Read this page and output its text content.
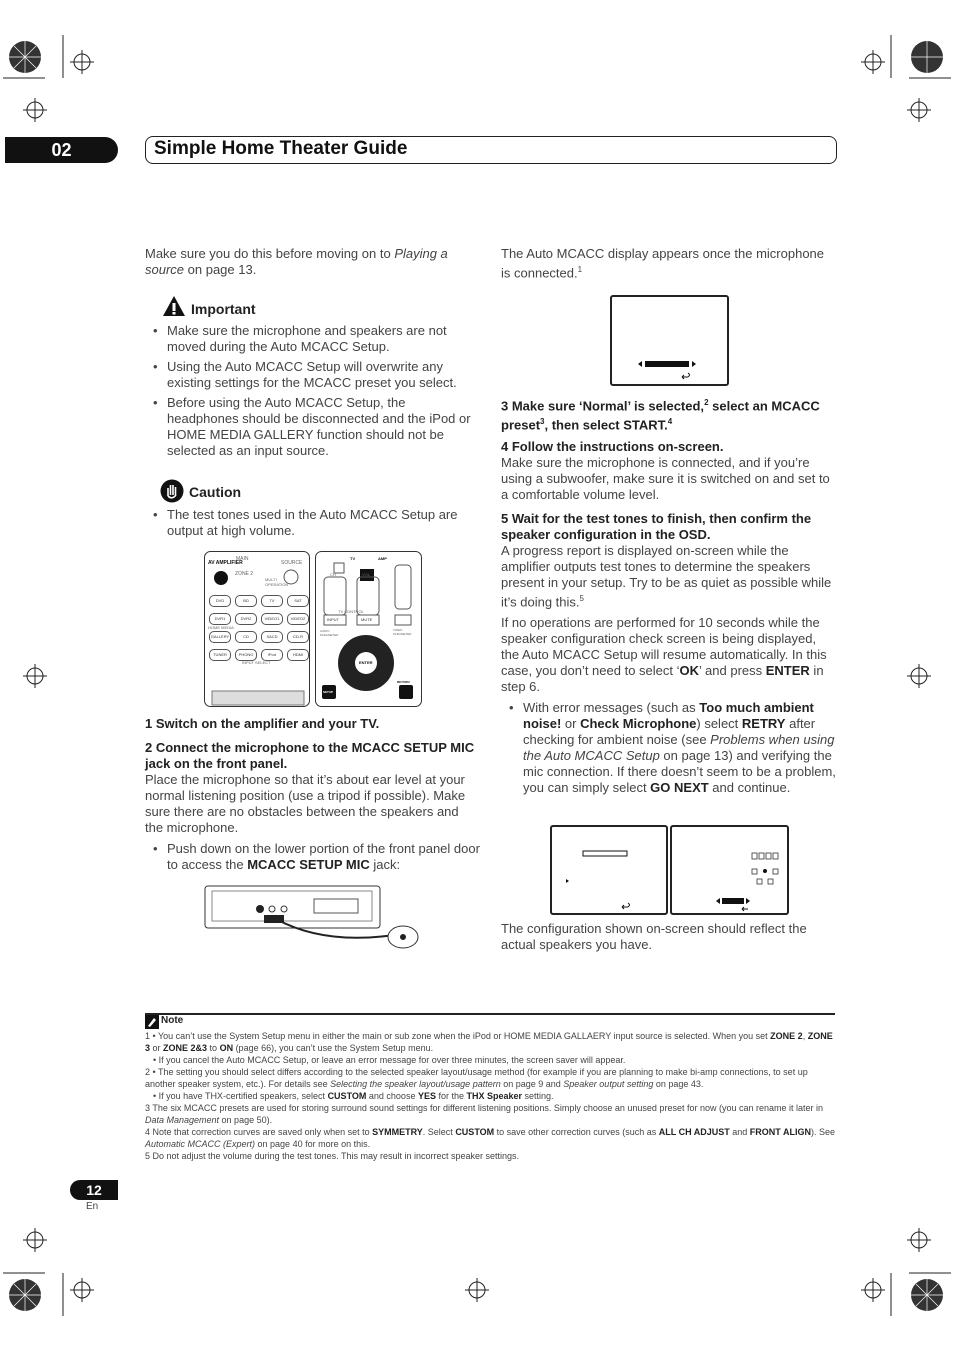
02	Simple Home Theater Guide
Make sure you do this before moving on to Playing a source on page 13.
Important
• Make sure the microphone and speakers are not moved during the Auto MCACC Setup.
• Using the Auto MCACC Setup will overwrite any existing settings for the MCACC preset you select.
• Before using the Auto MCACC Setup, the headphones should be disconnected and the iPod or HOME MEDIA GALLERY function should not be selected as an input source.
Caution
• The test tones used in the Auto MCACC Setup are output at high volume.
AV AMPLIFIER
MAIN
ZONE 2
SOURCE
MULTI OPERATION
DVD	BD	TV	SAT
DVR1	DVR2	VIDEO1	VIDEO2
HOME MEDIA
GALLERY	CD	SACD	CD-R
TUNER	PHONO	iPod	HDMI
INPUT SELECT
TV	AMP
CH	VOL
TV CONTROL
INPUT	MUTE
AUDIO PARAMETER
VIDEO PARAMETER
ENTER
SETUP
RETURN
1 Switch on the amplifier and your TV.
2 Connect the microphone to the MCACC SETUP MIC jack on the front panel.
Place the microphone so that it’s about ear level at your normal listening position (use a tripod if possible). Make sure there are no obstacles between the speakers and the microphone.
• Push down on the lower portion of the front panel door to access the MCACC SETUP MIC jack:
The Auto MCACC display appears once the microphone is connected.$^1$
3 Make sure ‘Normal’ is selected,$^2$ select an MCACC preset$^3$, then select START.$^4$
4 Follow the instructions on-screen.
Make sure the microphone is connected, and if you’re using a subwoofer, make sure it is switched on and set to a comfortable volume level.
5 Wait for the test tones to finish, then confirm the speaker configuration in the OSD.
A progress report is displayed on-screen while the amplifier outputs test tones to determine the speakers present in your setup. Try to be as quiet as possible while it’s doing this.$^5$
If no operations are performed for 10 seconds while the speaker configuration check screen is being displayed, the Auto MCACC Setup will resume automatically. In this case, you don’t need to select ‘OK’ and press ENTER in step 6.
• With error messages (such as Too much ambient noise! or Check Microphone) select RETRY after checking for ambient noise (see Problems when using the Auto MCACC Setup on page 13) and verifying the mic connection. If there doesn’t seem to be a problem, you can simply select GO NEXT and continue.
The configuration shown on-screen should reflect the actual speakers you have.
Note
1 • You can’t use the System Setup menu in either the main or sub zone when the iPod or HOME MEDIA GALLAERY input source is selected. When you set ZONE 2, ZONE 3 or ZONE 2&3 to ON (page 66), you can’t use the System Setup menu.
• If you cancel the Auto MCACC Setup, or leave an error message for over three minutes, the screen saver will appear.
2 • The setting you should select differs according to the selected speaker layout/usage method (for example if you are planning to make bi-amp connections, to set up another speaker system, etc.). For details see Selecting the speaker layout/usage pattern on page 9 and Speaker output setting on page 43.
• If you have THX-certified speakers, select CUSTOM and choose YES for the THX Speaker setting.
3 The six MCACC presets are used for storing surround sound settings for different listening positions. Simply choose an unused preset for now (you can rename it later in Data Management on page 50).
4 Note that correction curves are saved only when set to SYMMETRY. Select CUSTOM to save other correction curves (such as ALL CH ADJUST and FRONT ALIGN). See Automatic MCACC (Expert) on page 40 for more on this.
5 Do not adjust the volume during the test tones. This may result in incorrect speaker settings.
12
En
